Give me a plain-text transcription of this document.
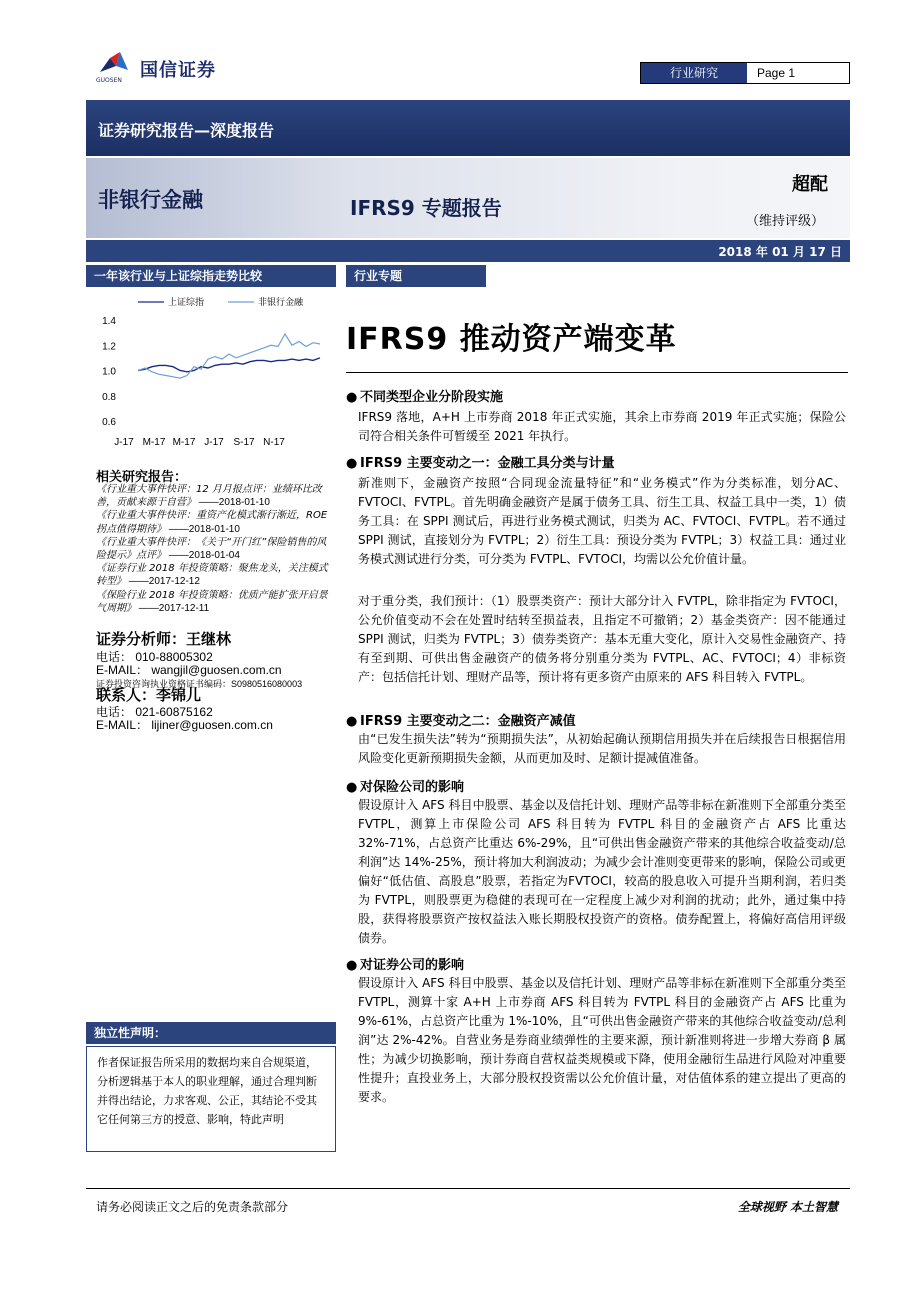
国信证券
GUOSEN
行业研究	Page 1
证券研究报告—深度报告
非银行金融	IFRS9 专题报告
超配
（维持评级）
2018 年 01 月 17 日
一年该行业与上证综指走势比较
0.6
0.8
1.0
1.2
1.4
J-17 M-17 M-17 J-17 S-17 N-17
上证综指	非银行金融
相关研究报告：
《行业重大事件快评：12 月月报点评：业绩环比改善，贡献来源于自营》 ——2018-01-10
《行业重大事件快评：重资产化模式渐行渐近，ROE 拐点值得期待》 ——2018-01-10
《行业重大事件快评：《关于“开门红”保险销售的风险提示》点评》 ——2018-01-04
《证券行业 2018 年投资策略：聚焦龙头，关注模式转型》 ——2017-12-12
《保险行业 2018 年投资策略：优质产能扩张开启景气周期》 ——2017-12-11
证券分析师：王继林
电话： 010-88005302
E-MAIL： wangjil@guosen.com.cn
证券投资咨询执业资格证书编码：S0980516080003
联系人：李锦儿
电话： 021-60875162
E-MAIL： lijiner@guosen.com.cn
独立性声明：
作者保证报告所采用的数据均来自合规渠道，分析逻辑基于本人的职业理解，通过合理判断并得出结论，力求客观、公正，其结论不受其它任何第三方的授意、影响，特此声明
行业专题
IFRS9 推动资产端变革
● 不同类型企业分阶段实施
IFRS9 落地，A+H 上市券商 2018 年正式实施，其余上市券商 2019 年正式实施；保险公司符合相关条件可暂缓至 2021 年执行。
● IFRS9 主要变动之一：金融工具分类与计量
新准则下，金融资产按照“合同现金流量特征”和“业务模式”作为分类标准，划分AC、FVTOCI、FVTPL。首先明确金融资产是属于债务工具、衍生工具、权益工具中一类，1）债务工具：在 SPPI 测试后，再进行业务模式测试，归类为 AC、FVTOCI、FVTPL。若不通过 SPPI 测试，直接划分为 FVTPL；2）衍生工具：预设分类为 FVTPL；3）权益工具：通过业务模式测试进行分类，可分类为 FVTPL、FVTOCI，均需以公允价值计量。
对于重分类，我们预计：（1）股票类资产：预计大部分计入 FVTPL，除非指定为 FVTOCI，公允价值变动不会在处置时结转至损益表，且指定不可撤销；2）基金类资产：因不能通过 SPPI 测试，归类为 FVTPL；3）债券类资产：基本无重大变化，原计入交易性金融资产、持有至到期、可供出售金融资产的债务将分别重分类为 FVTPL、AC、FVTOCI；4）非标资产：包括信托计划、理财产品等，预计将有更多资产由原来的 AFS 科目转入 FVTPL。
● IFRS9 主要变动之二：金融资产减值
由“已发生损失法”转为“预期损失法”，从初始起确认预期信用损失并在后续报告日根据信用风险变化更新预期损失金额，从而更加及时、足额计提减值准备。
● 对保险公司的影响
假设原计入 AFS 科目中股票、基金以及信托计划、理财产品等非标在新准则下全部重分类至 FVTPL，测算上市保险公司 AFS 科目转为 FVTPL 科目的金融资产占 AFS 比重达 32%-71%，占总资产比重达 6%-29%，且“可供出售金融资产带来的其他综合收益变动/总利润”达 14%-25%，预计将加大利润波动；为减少会计准则变更带来的影响，保险公司或更偏好“低估值、高股息”股票，若指定为FVTOCI，较高的股息收入可提升当期利润，若归类为 FVTPL，则股票更为稳健的表现可在一定程度上减少对利润的扰动；此外，通过集中持股，获得将股票资产按权益法入账长期股权投资产的资格。债券配置上，将偏好高信用评级债券。
● 对证券公司的影响
假设原计入 AFS 科目中股票、基金以及信托计划、理财产品等非标在新准则下全部重分类至 FVTPL，测算十家 A+H 上市券商 AFS 科目转为 FVTPL 科目的金融资产占 AFS 比重为 9%-61%，占总资产比重为 1%-10%，且“可供出售金融资产带来的其他综合收益变动/总利润”达 2%-42%。自营业务是券商业绩弹性的主要来源，预计新准则将进一步增大券商 β 属性；为减少切换影响，预计券商自营权益类规模或下降，使用金融衍生品进行风险对冲重要性提升；直投业务上，大部分股权投资需以公允价值计量，对估值体系的建立提出了更高的要求。
请务必阅读正文之后的免责条款部分	全球视野 本土智慧
